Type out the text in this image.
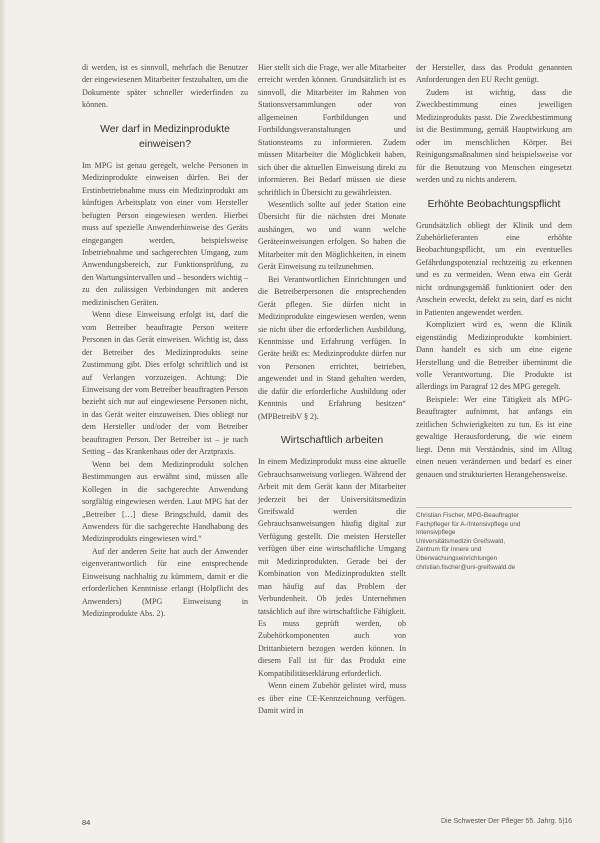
di werden, ist es sinnvoll, mehrfach die Benutzer der eingewiesenen Mitarbeiter festzuhalten, um die Dokumente später schneller wiederfinden zu können.

Wer darf in Medizinprodukte einweisen?

Im MPG ist genau geregelt, welche Personen in Medizinprodukte einweisen dürfen. Bei der Erstinbetriebnahme muss ein Medizinprodukt am künftigen Arbeitsplatz von einer vom Hersteller befugten Person eingewiesen werden. Hierbei muss auf spezielle Anwenderhinweise des Geräts eingegangen werden, beispielsweise Inbetriebnahme und sachgerechten Umgang, zum Anwendungsbereich, zur Funktionsprüfung, zu den Wartungsintervallen und – besonders wichtig – zu den zulässigen Verbindungen mit anderen medizinischen Geräten.

Wenn diese Einweisung erfolgt ist, darf die vom Betreiber beauftragte Person weitere Personen in das Gerät einweisen. Wichtig ist, dass der Betreiber des Medizinprodukts seine Zustimmung gibt. Dies erfolgt schriftlich und ist auf Verlangen vorzuzeigen. Achtung: Die Einweisung der vom Betreiber beauftragten Person bezieht sich nur auf eingewiesene Personen nicht, in das Gerät weiter einzuweisen. Dies obliegt nur dem Hersteller und/oder der vom Betreiber beauftragten Person. Der Betreiber ist – je nach Setting – das Krankenhaus oder der Arztpraxis.

Wenn bei dem Medizinprodukt solchen Bestimmungen aus erwähnt sind, müssen alle Kollegen in die sachgerechte Anwendung sorgfältig eingewiesen werden. Laut MPG hat der „Betreiber […] diese Bringschuld, damit des Anwenders für die sachgerechte Handhabung des Medizinprodukts eingewiesen wird.“

Auf der anderen Seite hat auch der Anwender eigenverantwortlich für eine entsprechende Einweisung nachhaltig zu kümmern, damit er die erforderlichen Kenntnisse erlangt (Holpflicht des Anwenders) (MPG Einweisung in Medizinprodukte Abs. 2).

Hier stellt sich die Frage, wer alle Mitarbeiter erreicht werden können. Grundsätzlich ist es sinnvoll, die Mitarbeiter im Rahmen von Stationsversammlungen oder von allgemeinen Fortbildungen und Fortbildungsveranstaltungen und Stationsteams zu informieren. Zudem müssen Mitarbeiter die Möglichkeit haben, sich über die aktuellen Einweisung direkt zu informieren. Bei Bedarf müssen sie diese schriftlich in Übersicht zu gewährleisten.

Wesentlich sollte auf jeder Station eine Übersicht für die nächsten drei Monate aushängen, wo und wann welche Geräteeinweisungen erfolgen. So haben die Mitarbeiter mit den Möglichkeiten, in einem Gerät Einweisung zu teilzunehmen.

Bei Verantwortlichen Einrichtungen und die Betreiberpersonen die entsprechenden Gerät pflegen. Sie dürfen nicht in Medizinprodukte eingewiesen werden, wenn sie nicht über die erforderlichen Ausbildung, Kenntnisse und Erfahrung verfügen. In Geräte heißt es: Medizinprodukte dürfen nur von Personen errichtet, betrieben, angewendet und in Stand gehalten werden, die dafür die erforderliche Ausbildung oder Kenntnis und Erfahrung besitzen“ (MPBetreibV § 2).

Wirtschaftlich arbeiten

In einem Medizinprodukt muss eine aktuelle Gebrauchsanweisung vorliegen. Während der Arbeit mit dem Gerät kann der Mitarbeiter jederzeit bei der Universitätsmedizin Greifswald werden die Gebrauchsanweisungen häufig digital zur Verfügung gestellt. Die meisten Hersteller verfügen über eine wirtschaftliche Umgang mit Medizinprodukten. Gerade bei der Kombination von Medizinprodukten stellt man häufig auf das Problem der Verbundenheit. Ob jedes Unternehmen tatsächlich auf ihre wirtschaftliche Fähigkeit. Es muss geprüft werden, ob Zubehörkomponenten auch von Drittanbietern bezogen werden können. In diesem Fall ist für das Produkt eine Kompatibilitätserklärung erforderlich.

Wenn einem Zubehör gelistet wird, muss es über eine CE-Kennzeichnung verfügen. Damit wird in

der Hersteller, dass das Produkt genannten Anforderungen den EU Recht genügt.

Zudem ist wichtig, dass die Zweckbestimmung eines jeweiligen Medizinprodukts passt. Die Zweckbestimmung ist die Bestimmung, gemäß Hauptwirkung am oder im menschlichen Körper. Bei Reinigungsmaßnahmen sind beispielsweise vor für die Benutzung von Menschen eingesetzt werden und zu nichts anderem.

Erhöhte Beobachtungspflicht

Grundsätzlich obliegt der Klinik und dem Zubehörlieferanten eine erhöhte Beobachtungspflicht, um ein eventuelles Gefährdungspotenzial rechtzeitig zu erkennen und es zu vermeiden. Wenn etwa ein Gerät nicht ordnungsgemäß funktioniert oder den Anschein erweckt, defekt zu sein, darf es nicht in Patienten angewendet werden.

Kompliziert wird es, wenn die Klinik eigenständig Medizinprodukte kombiniert. Dann handelt es sich um eine eigene Herstellung und die Betreiber übernimmt die volle Verantwortung. Die Produkte ist allerdings im Paragraf 12 des MPG geregelt.

Beispiele: Wer eine Tätigkeit als MPG-Beauftragter aufnimmt, hat anfangs ein zeitlichen Schwierigkeiten zu tun. Es ist eine gewaltige Herausforderung, die wie einem liegt. Denn mit Verständnis, sind im Alltag einen neuen verändernen und bedarf es einer genauen und strukturierten Herangehensweise.

Christian Fischer, MPG-Beauftragter
Fachpfleger für A-/Intensivpflege und
Intensivpflege
Universitätsmedizin Greifswald,
Zentrum für Innere und
Überwachungseinrichtungen
christian.fischer@uni-greifswald.de
84	Die Schwester Der Pfleger 55. Jahrg. 5|16
